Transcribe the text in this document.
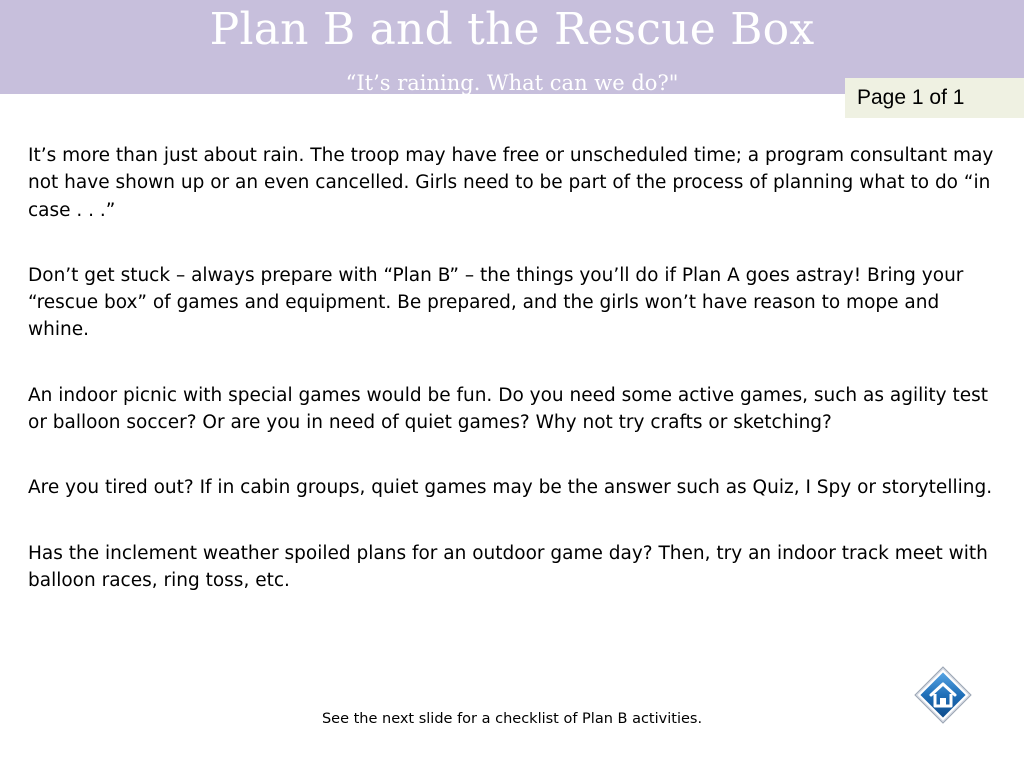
Plan B and the Rescue Box
“It’s raining. What can we do?"
Page 1 of 1

It’s more than just about rain. The troop may have free or unscheduled time; a program consultant may not have shown up or an even cancelled. Girls need to be part of the process of planning what to do “in case . . .”

Don’t get stuck – always prepare with “Plan B” – the things you’ll do if Plan A goes astray! Bring your “rescue box” of games and equipment. Be prepared, and the girls won’t have reason to mope and whine.

An indoor picnic with special games would be fun. Do you need some active games, such as agility test or balloon soccer? Or are you in need of quiet games? Why not try crafts or sketching?

Are you tired out? If in cabin groups, quiet games may be the answer such as Quiz, I Spy or storytelling.

Has the inclement weather spoiled plans for an outdoor game day? Then, try an indoor track meet with balloon races, ring toss, etc.

See the next slide for a checklist of Plan B activities.
